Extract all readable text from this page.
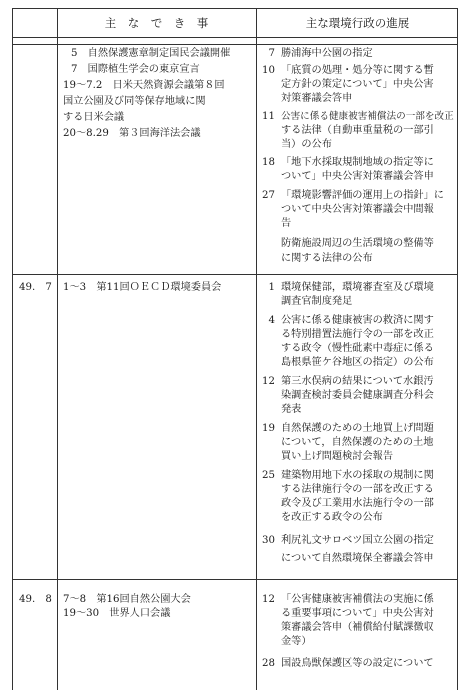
主　な　で　き　事	主な環境行政の進展
5　自然保護憲章制定国民会議開催
7　国際植生学会の東京宣言
19～7.2　日米天然資源会議第８回
国立公園及び同等保存地域に関
する日米会議
20～8.29　第３回海洋法会議
7 勝浦海中公園の指定
10 「底質の処理・処分等に関する暫
定方針の策定について」中央公害
対策審議会答申
11 公害に係る健康被害補償法の一部を改正
する法律（自動車重量税の一部引
当）の公布
18 「地下水採取規制地域の指定等に
ついて」中央公害対策審議会答申
27 「環境影響評価の運用上の指針」に
ついて中央公害対策審議会中間報
告
防衛施設周辺の生活環境の整備等
に関する法律の公布
49.　7 1～3　第11回ＯＥＣＤ環境委員会	1 環境保健部，環境審査室及び環境
調査官制度発足
4 公害に係る健康被害の救済に関す
る特別措置法施行令の一部を改正
する政令（慢性砒素中毒症に係る
島根県笹ケ谷地区の指定）の公布
12 第三水俣病の結果について水銀汚
染調査検討委員会健康調査分科会
発表
19 自然保護のための土地買上げ問題
について，自然保護のための土地
買い上げ問題検討会報告
25 建築物用地下水の採取の規制に関
する法律施行令の一部を改正する
政令及び工業用水法施行令の一部
を改正する政令の公布
30 利尻礼文サロベツ国立公園の指定
について自然環境保全審議会答申
49.　8 7～8　第16回自然公園大会
19～30　世界人口会議
12 「公害健康被害補償法の実施に係
る重要事項について」中央公害対
策審議会答申（補償給付賦課徴収
金等）
28 国設鳥獣保護区等の設定について
